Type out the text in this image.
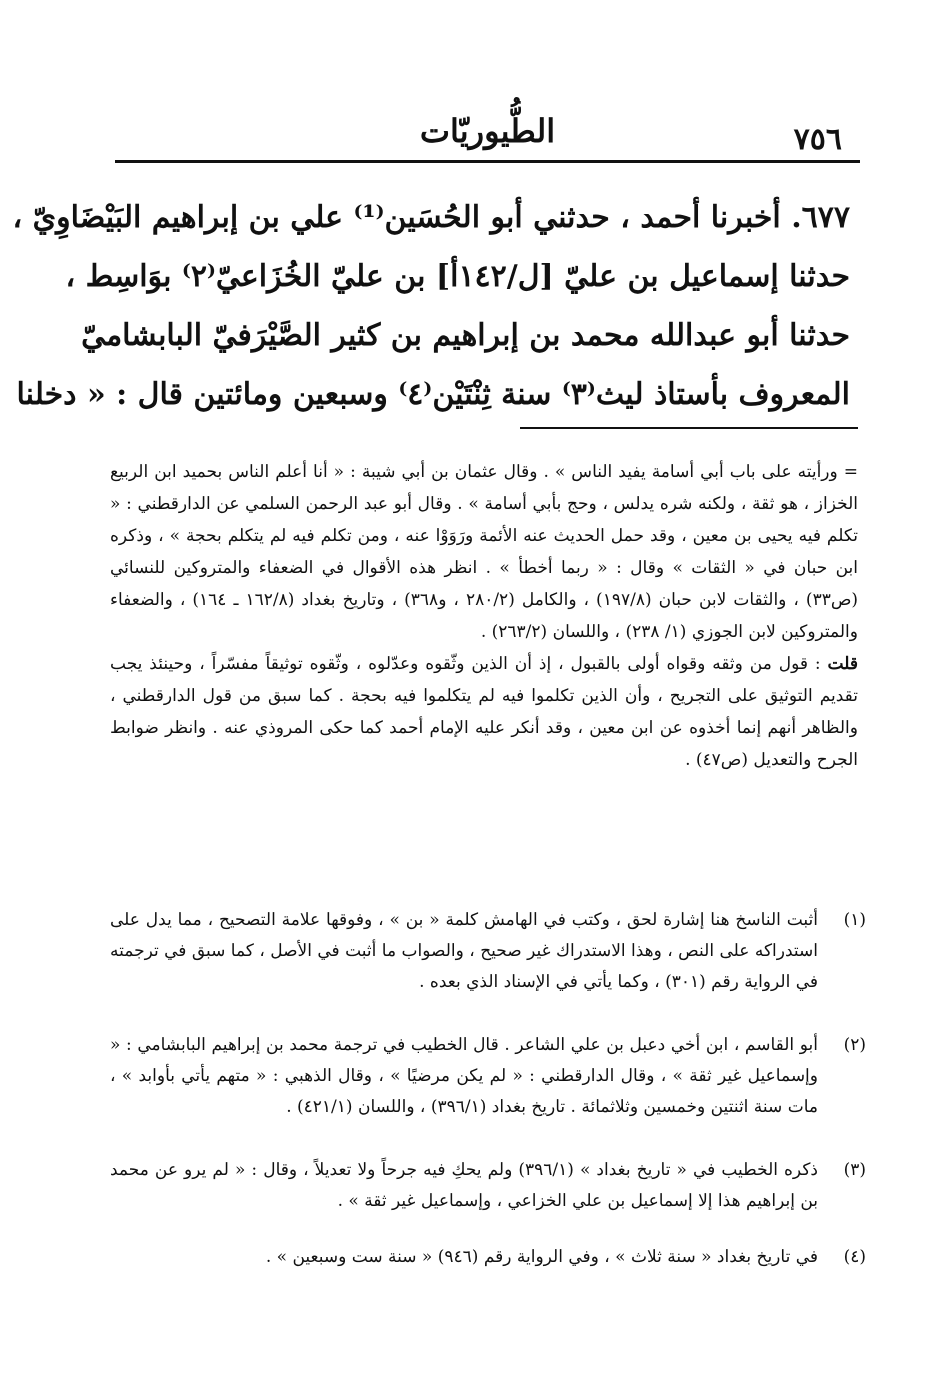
الطُّيوريّات	٧٥٦
٦٧٧. أخبرنا أحمد ، حدثني أبو الحُسَين⁽¹⁾ علي بن إبراهيم البَيْضَاوِيّ ،
حدثنا إسماعيل بن عليّ [ل/١٤٢أ] بن عليّ الخُزَاعيّ⁽٢⁾ بوَاسِط ،
حدثنا أبو عبدالله محمد بن إبراهيم بن كثير الصَّيْرَفيّ البابشاميّ
المعروف بأستاذ ليث⁽٣⁾ سنة ثِنْتَيْن⁽٤⁾ وسبعين ومائتين قال : « دخلنا

= ورأيته على باب أبي أسامة يفيد الناس » . وقال عثمان بن أبي شيبة : « أنا أعلم الناس بحميد ابن الربيع الخزاز ، هو ثقة ، ولكنه شره يدلس ، وحج بأبي أسامة » . وقال أبو عبد الرحمن السلمي عن الدارقطني : « تكلم فيه يحيى بن معين ، وقد حمل الحديث عنه الأئمة ورَوَوْا عنه ، ومن تكلم فيه لم يتكلم بحجة » ، وذكره ابن حبان في « الثقات » وقال : « ربما أخطأ » . انظر هذه الأقوال في الضعفاء والمتروكين للنسائي (ص٣٣) ، والثقات لابن حبان (١٩٧/٨) ، والكامل (٢٨٠/٢ ، و٣٦٨) ، وتاريخ بغداد (١٦٢/٨ ـ ١٦٤) ، والضعفاء والمتروكين لابن الجوزي (١/ ٢٣٨) ، واللسان (٢٦٣/٢) .

قلت : قول من وثقه وقواه أولى بالقبول ، إذ أن الذين وثّقوه وعدّلوه ، وثّقوه توثيقاً مفسّراً ، وحينئذ يجب تقديم التوثيق على التجريح ، وأن الذين تكلموا فيه لم يتكلموا فيه بحجة . كما سبق من قول الدارقطني ، والظاهر أنهم إنما أخذوه عن ابن معين ، وقد أنكر عليه الإمام أحمد كما حكى المروذي عنه . وانظر ضوابط الجرح والتعديل (ص٤٧) .

(١)
أثبت الناسخ هنا إشارة لحق ، وكتب في الهامش كلمة « بن » ، وفوقها علامة التصحيح ، مما يدل على استدراكه على النص ، وهذا الاستدراك غير صحيح ، والصواب ما أثبت في الأصل ، كما سبق في ترجمته في الرواية رقم (٣٠١) ، وكما يأتي في الإسناد الذي بعده .
(٢)
أبو القاسم ، ابن أخي دعبل بن علي الشاعر . قال الخطيب في ترجمة محمد بن إبراهيم البابشامي : « وإسماعيل غير ثقة » ، وقال الدارقطني : « لم يكن مرضيًا » ، وقال الذهبي : « متهم يأتي بأوابد » ، مات سنة اثنتين وخمسين وثلاثمائة . تاريخ بغداد (٣٩٦/١) ، واللسان (٤٢١/١) .
(٣)
ذكره الخطيب في « تاريخ بغداد » (٣٩٦/١) ولم يحكِ فيه جرحاً ولا تعديلاً ، وقال : « لم يرو عن محمد بن إبراهيم هذا إلا إسماعيل بن علي الخزاعي ، وإسماعيل غير ثقة » .
(٤)
في تاريخ بغداد « سنة ثلاث » ، وفي الرواية رقم (٩٤٦) « سنة ست وسبعين » .
